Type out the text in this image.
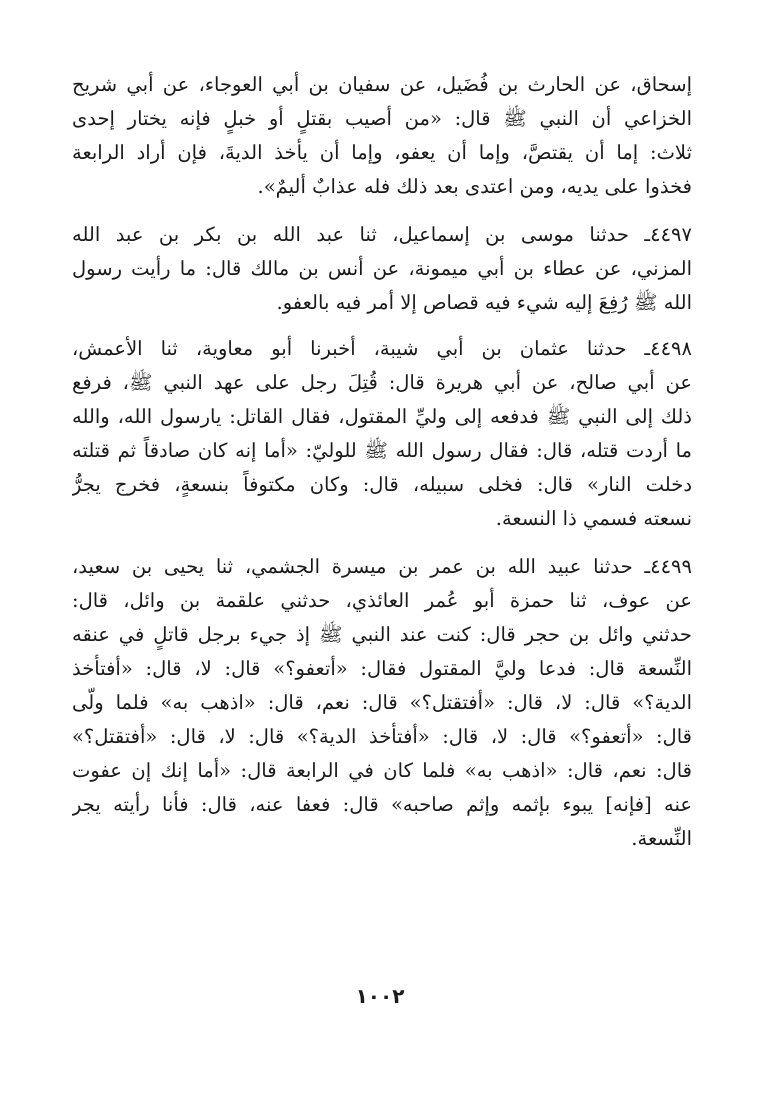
إسحاق، عن الحارث بن فُضَيل، عن سفيان بن أبي العوجاء، عن أبي شريح
الخزاعي أن النبي ﷺ قال: «من أصيب بقتلٍ أو خبلٍ فإنه يختار إحدى
ثلاث: إما أن يقتصَّ، وإما أن يعفو، وإما أن يأخذ الديةَ، فإن أراد الرابعة
فخذوا على يديه، ومن اعتدى بعد ذلك فله عذابٌ أليمٌ».
٤٤٩٧ـ حدثنا موسى بن إسماعيل، ثنا عبد الله بن بكر بن عبد الله
المزني، عن عطاء بن أبي ميمونة، عن أنس بن مالك قال: ما رأيت رسول
الله ﷺ رُفِعَ إليه شيء فيه قصاص إلا أمر فيه بالعفو.
٤٤٩٨ـ حدثنا عثمان بن أبي شيبة، أخبرنا أبو معاوية، ثنا الأعمش،
عن أبي صالح، عن أبي هريرة قال: قُتِلَ رجل على عهد النبي ﷺ، فرفع
ذلك إلى النبي ﷺ فدفعه إلى وليِّ المقتول، فقال القاتل: يارسول الله، والله
ما أردت قتله، قال: فقال رسول الله ﷺ للوليّ: «أما إنه كان صادقاً ثم قتلته
دخلت النار» قال: فخلى سبيله، قال: وكان مكتوفاً بنسعةٍ، فخرج يجرُّ
نسعته فسمي ذا النسعة.
٤٤٩٩ـ حدثنا عبيد الله بن عمر بن ميسرة الجشمي، ثنا يحيى بن سعيد،
عن عوف، ثنا حمزة أبو عُمر العائذي، حدثني علقمة بن وائل، قال:
حدثني وائل بن حجر قال: كنت عند النبي ﷺ إذ جيء برجل قاتلٍ في عنقه
النِّسعة قال: فدعا وليَّ المقتول فقال: «أتعفو؟» قال: لا، قال: «أفتأخذ
الدية؟» قال: لا، قال: «أفتقتل؟» قال: نعم، قال: «اذهب به» فلما ولّى
قال: «أتعفو؟» قال: لا، قال: «أفتأخذ الدية؟» قال: لا، قال: «أفتقتل؟»
قال: نعم، قال: «اذهب به» فلما كان في الرابعة قال: «أما إنك إن عفوت
عنه [فإنه] يبوء بإثمه وإثم صاحبه» قال: فعفا عنه، قال: فأنا رأيته يجر
النِّسعة.
١٠٠٢
